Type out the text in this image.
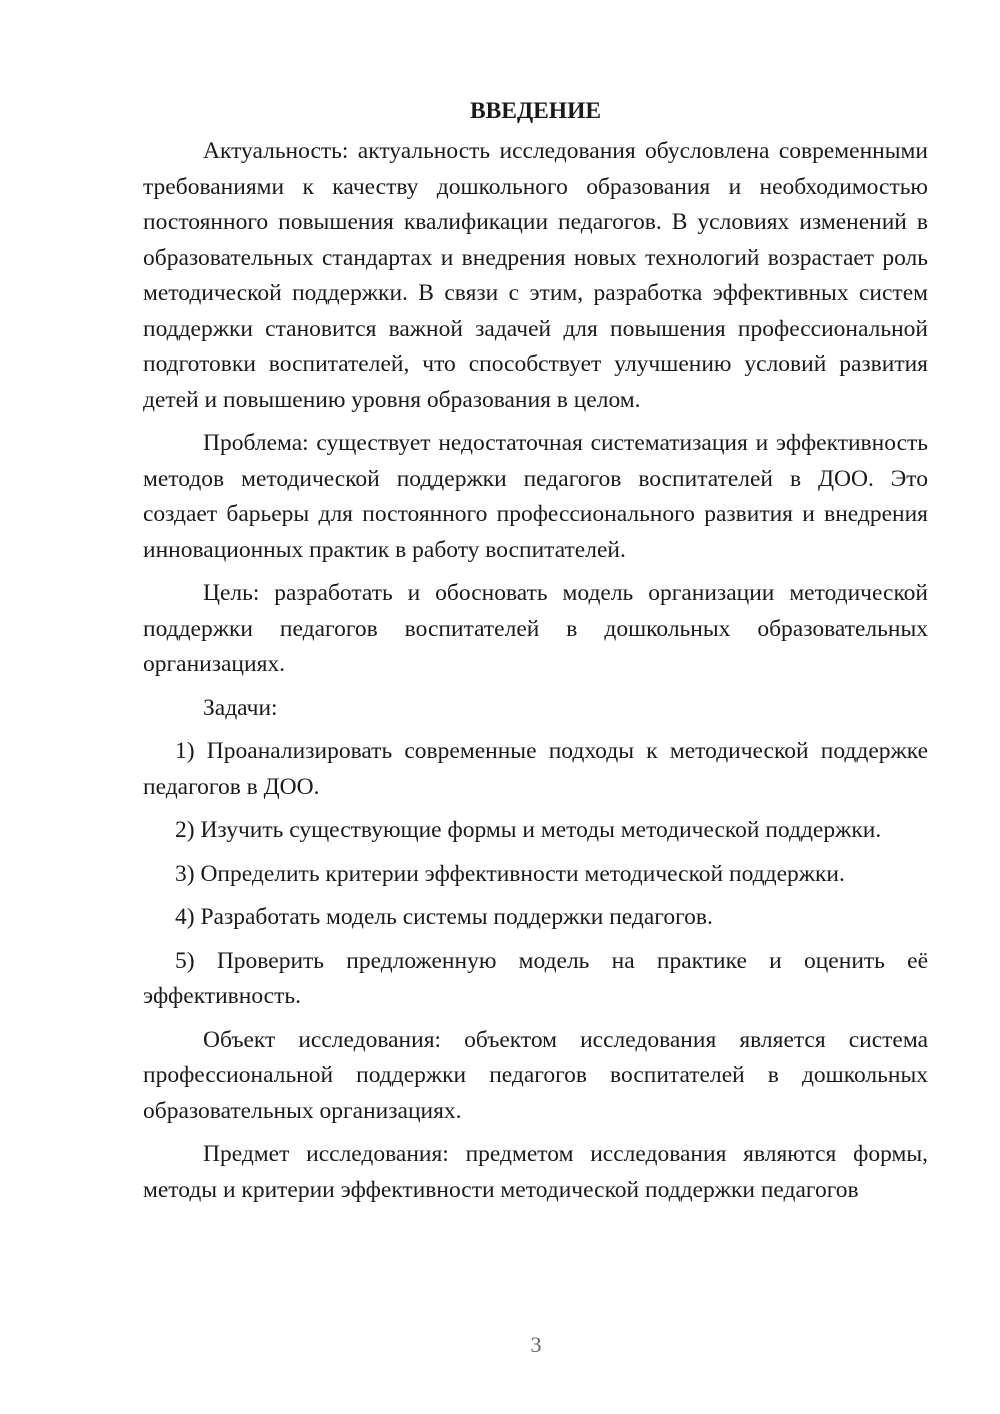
ВВЕДЕНИЕ

Актуальность: актуальность исследования обусловлена современными требованиями к качеству дошкольного образования и необходимостью постоянного повышения квалификации педагогов. В условиях изменений в образовательных стандартах и внедрения новых технологий возрастает роль методической поддержки. В связи с этим, разработка эффективных систем поддержки становится важной задачей для повышения профессиональной подготовки воспитателей, что способствует улучшению условий развития детей и повышению уровня образования в целом.

Проблема: существует недостаточная систематизация и эффективность методов методической поддержки педагогов воспитателей в ДОО. Это создает барьеры для постоянного профессионального развития и внедрения инновационных практик в работу воспитателей.

Цель: разработать и обосновать модель организации методической поддержки педагогов воспитателей в дошкольных образовательных организациях.

Задачи:

1) Проанализировать современные подходы к методической поддержке педагогов в ДОО.

2) Изучить существующие формы и методы методической поддержки.

3) Определить критерии эффективности методической поддержки.

4) Разработать модель системы поддержки педагогов.

5) Проверить предложенную модель на практике и оценить её эффективность.

Объект исследования: объектом исследования является система профессиональной поддержки педагогов воспитателей в дошкольных образовательных организациях.

Предмет исследования: предметом исследования являются формы, методы и критерии эффективности методической поддержки педагогов

3
